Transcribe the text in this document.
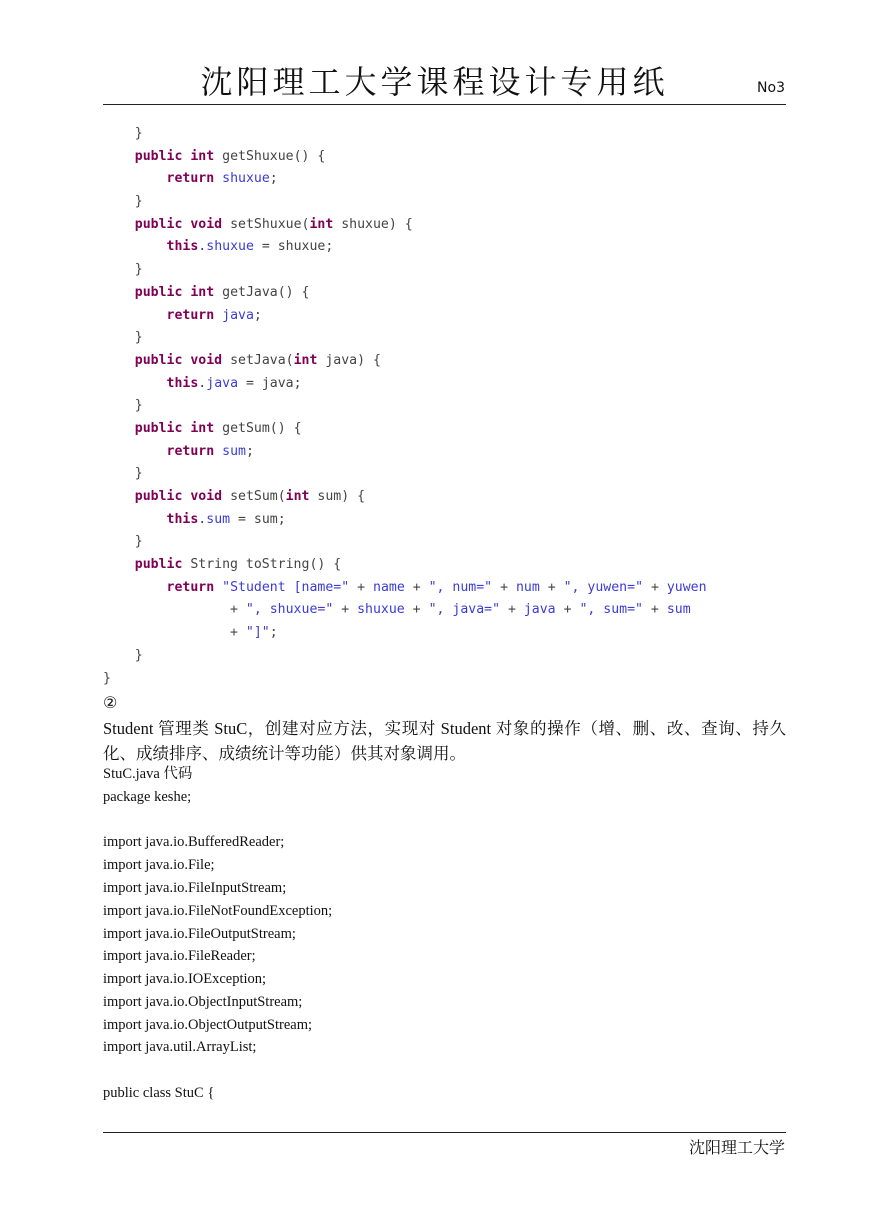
沈阳理工大学课程设计专用纸	No3
}
public int getShuxue() {
return shuxue;
}
public void setShuxue(int shuxue) {
this.shuxue = shuxue;
}
public int getJava() {
return java;
}
public void setJava(int java) {
this.java = java;
}
public int getSum() {
return sum;
}
public void setSum(int sum) {
this.sum = sum;
}
public String toString() {
return "Student [name=" + name + ", num=" + num + ", yuwen=" + yuwen
+ ", shuxue=" + shuxue + ", java=" + java + ", sum=" + sum
+ "]";
}
}
②
Student 管理类 StuC，创建对应方法，实现对 Student 对象的操作（增、删、改、查询、持久化、成绩排序、成绩统计等功能）供其对象调用。
StuC.java 代码
package keshe;
import java.io.BufferedReader;
import java.io.File;
import java.io.FileInputStream;
import java.io.FileNotFoundException;
import java.io.FileOutputStream;
import java.io.FileReader;
import java.io.IOException;
import java.io.ObjectInputStream;
import java.io.ObjectOutputStream;
import java.util.ArrayList;
public class StuC {
沈阳理工大学
